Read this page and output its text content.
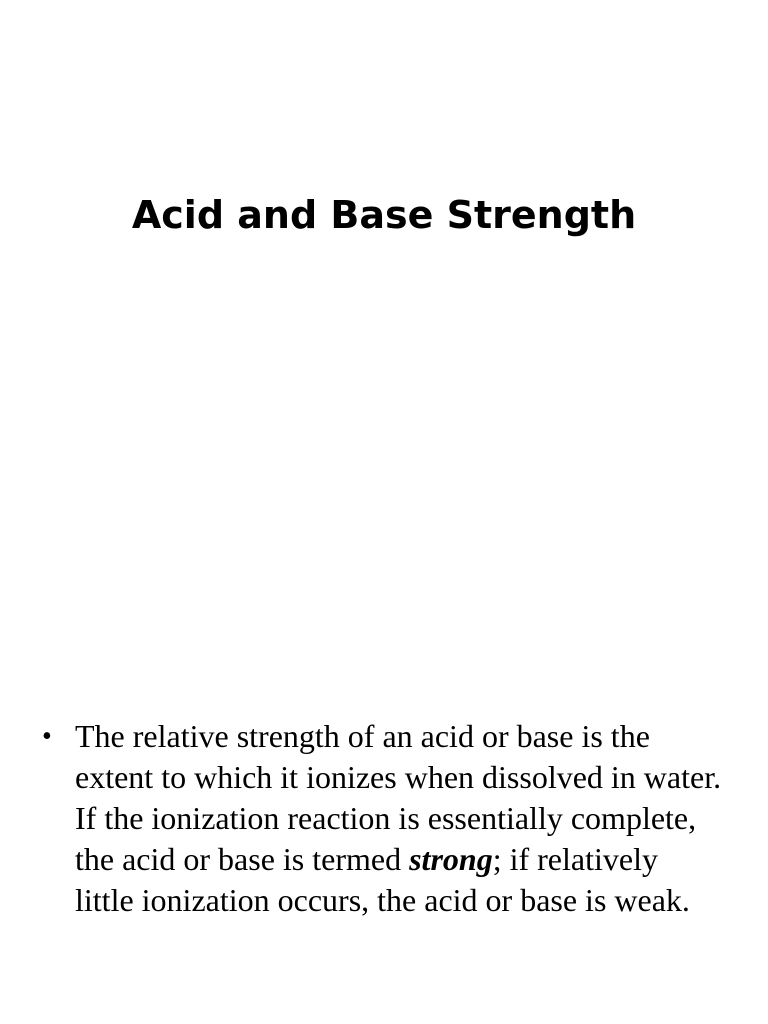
Acid and Base Strength
• The relative strength of an acid or base is the extent to which it ionizes when dissolved in water. If the ionization reaction is essentially complete, the acid or base is termed strong; if relatively little ionization occurs, the acid or base is weak.
